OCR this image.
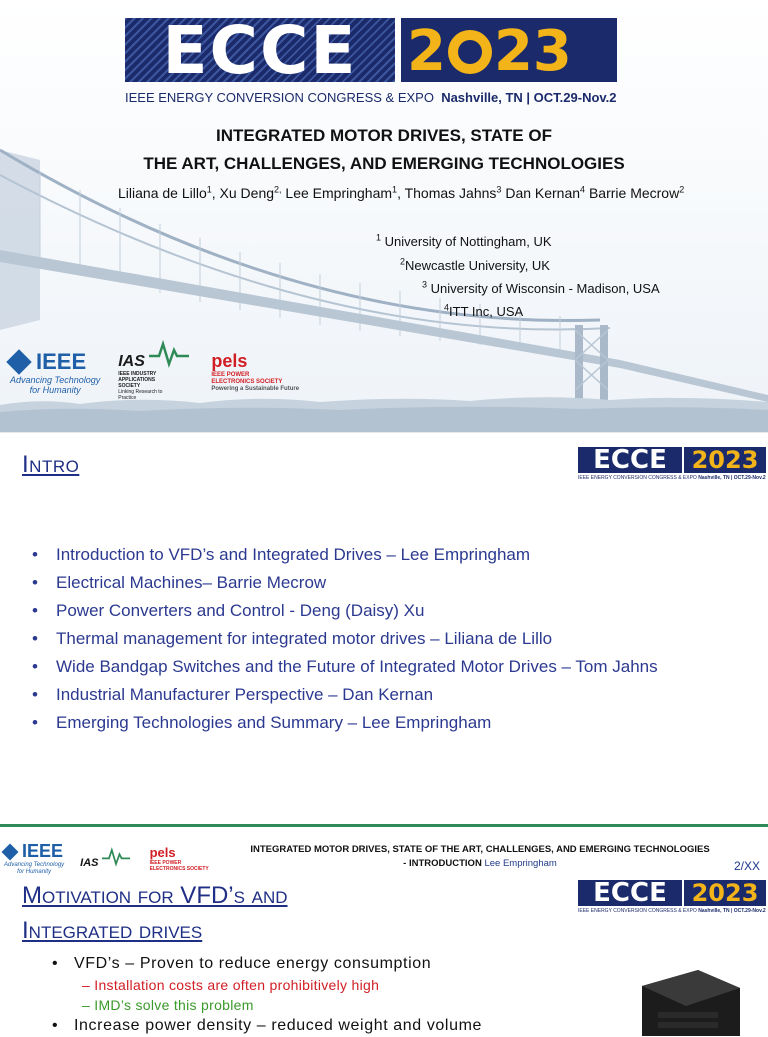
ECCE 2 23
IEEE ENERGY CONVERSION CONGRESS & EXPO Nashville, TN | OCT.29-Nov.2
INTEGRATED MOTOR DRIVES, STATE OF
THE ART, CHALLENGES, AND EMERGING TECHNOLOGIES
Liliana de Lillo$^1$, Xu Deng$^{2,}$ Lee Empringham$^1$, Thomas Jahns$^3$ Dan Kernan$^4$ Barrie Mecrow$^2$
$^1$ University of Nottingham, UK
$^2$Newcastle University, UK
$^3$ University of Wisconsin - Madison, USA
$^4$ITT Inc, USA
IEEE
Advancing Technology
for Humanity
IAS
IEEE INDUSTRY APPLICATIONS SOCIETY
Linking Research to Practice
pels
IEEE POWER
ELECTRONICS SOCIETY
Powering a Sustainable Future
Intro	ECCE	2023
IEEE ENERGY CONVERSION CONGRESS & EXPO Nashville, TN | OCT.29-Nov.2
• Introduction to VFD’s and Integrated Drives – Lee Empringham
• Electrical Machines– Barrie Mecrow
• Power Converters and Control - Deng (Daisy) Xu
• Thermal management for integrated motor drives – Liliana de Lillo
• Wide Bandgap Switches and the Future of Integrated Motor Drives – Tom Jahns
• Industrial Manufacturer Perspective – Dan Kernan
• Emerging Technologies and Summary – Lee Empringham
IEEE
Advancing Technology
for Humanity
IAS
pels
IEEE POWER
ELECTRONICS SOCIETY
INTEGRATED MOTOR DRIVES, STATE OF THE ART, CHALLENGES, AND EMERGING TECHNOLOGIES
- INTRODUCTION Lee Empringham	2/XX
Motivation for VFD’s and
Integrated drives
ECCE	2023
IEEE ENERGY CONVERSION CONGRESS & EXPO Nashville, TN | OCT.29-Nov.2
• VFD’s – Proven to reduce energy consumption
– Installation costs are often prohibitively high
– IMD’s solve this problem
• Increase power density – reduced weight and volume
